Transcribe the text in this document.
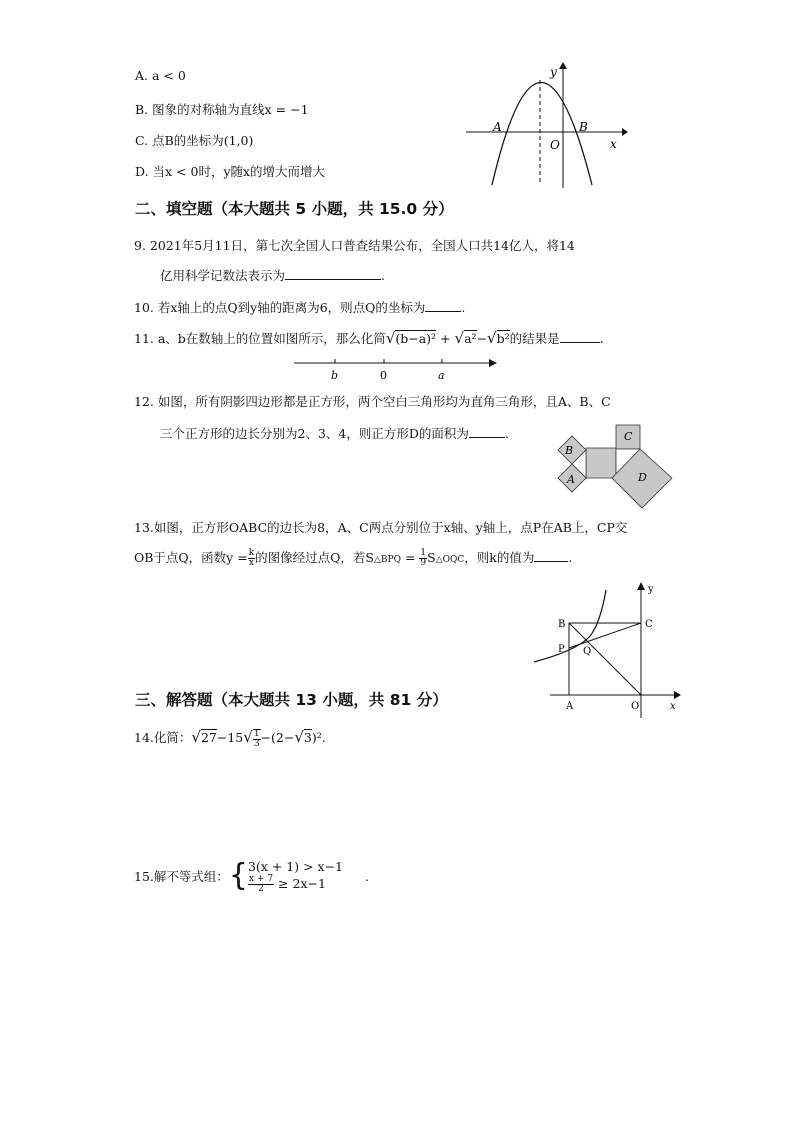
A. a < 0
B. 图象的对称轴为直线x = −1
C. 点B的坐标为(1,0)
D. 当x < 0时，y随x的增大而增大
y
x
O
A	B
二、填空题（本大题共 5 小题，共 15.0 分）
9. 2021年5月11日，第七次全国人口普查结果公布，全国人口共14亿人，将14
亿用科学记数法表示为	.
10. 若x轴上的点Q到y轴的距离为6，则点Q的坐标为	.
11. a、b在数轴上的位置如图所示，那么化简√(b−a)² + √a²−√b²的结果是	.
b	0	a
12. 如图，所有阴影四边形都是正方形，两个空白三角形均为直角三角形，且A、B、C
三个正方形的边长分别为2、3、4，则正方形D的面积为	.	C
B
A	D
13.如图，正方形OABC的边长为8，A、C两点分别位于x轴、y轴上，点P在AB上，CP交
OB于点Q，函数$y = \frac{k}{x}$ 的图像经过点Q，若S△BPQ = $\frac{1}{9}$ S△OQC，则k的值为	.
y
x
B	C
P Q
A	O
三、解答题（本大题共 13 小题，共 81 分）
14.化简：$√27-15√ \frac{1}{3} -(2-√3)^2$.
15.解不等式组：{ 3(x + 1) > x−1
$\frac{x + 7}{2} \ge 2x-1$	.
